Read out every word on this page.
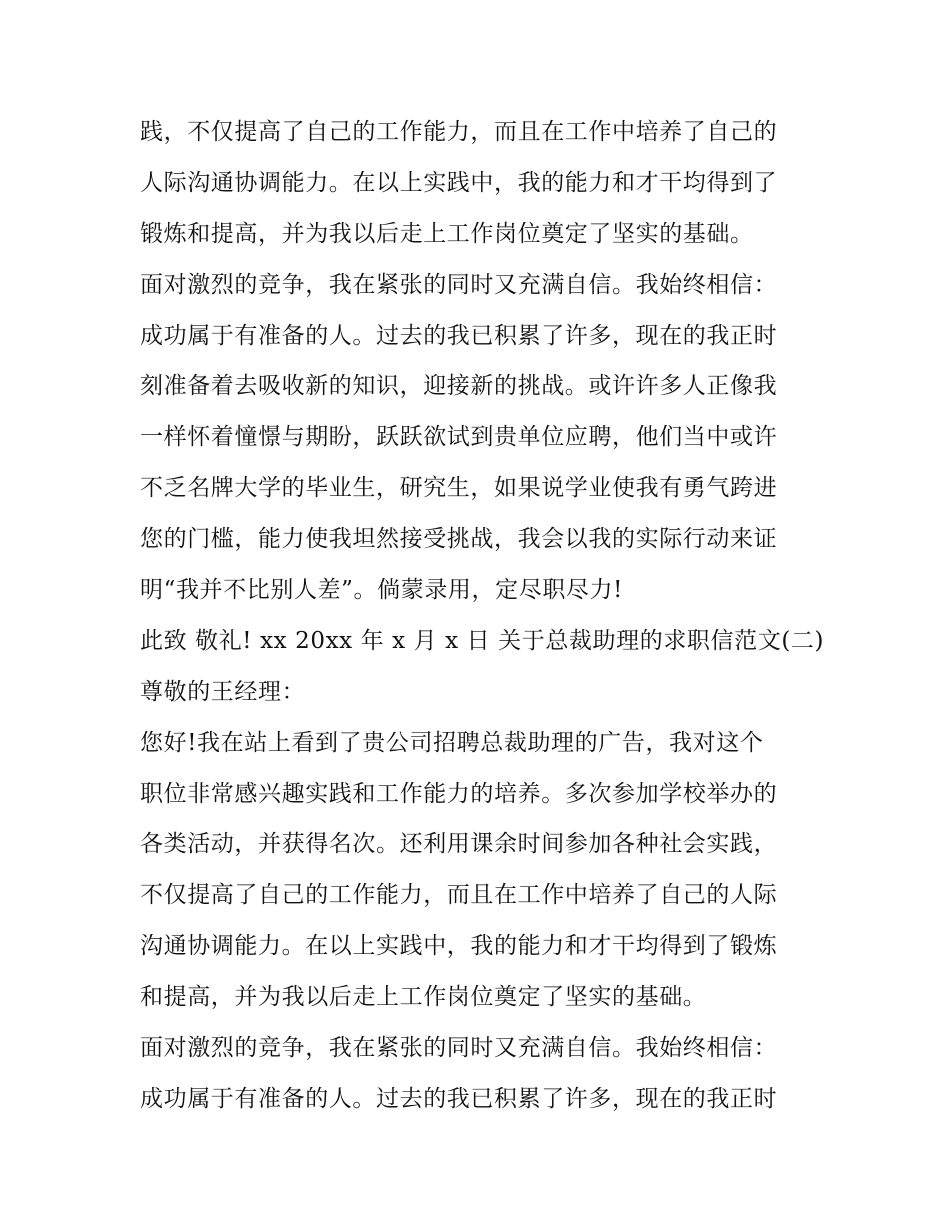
践，不仅提高了自己的工作能力，而且在工作中培养了自己的
人际沟通协调能力。在以上实践中，我的能力和才干均得到了
锻炼和提高，并为我以后走上工作岗位奠定了坚实的基础。
面对激烈的竞争，我在紧张的同时又充满自信。我始终相信：
成功属于有准备的人。过去的我已积累了许多，现在的我正时
刻准备着去吸收新的知识，迎接新的挑战。或许许多人正像我
一样怀着憧憬与期盼，跃跃欲试到贵单位应聘，他们当中或许
不乏名牌大学的毕业生，研究生，如果说学业使我有勇气跨进
您的门槛，能力使我坦然接受挑战，我会以我的实际行动来证
明“我并不比别人差”。倘蒙录用，定尽职尽力!
此致 敬礼! xx 20xx 年 x 月 x 日 关于总裁助理的求职信范文(二)
尊敬的王经理：
您好!我在站上看到了贵公司招聘总裁助理的广告，我对这个
职位非常感兴趣实践和工作能力的培养。多次参加学校举办的
各类活动，并获得名次。还利用课余时间参加各种社会实践，
不仅提高了自己的工作能力，而且在工作中培养了自己的人际
沟通协调能力。在以上实践中，我的能力和才干均得到了锻炼
和提高，并为我以后走上工作岗位奠定了坚实的基础。
面对激烈的竞争，我在紧张的同时又充满自信。我始终相信：
成功属于有准备的人。过去的我已积累了许多，现在的我正时
